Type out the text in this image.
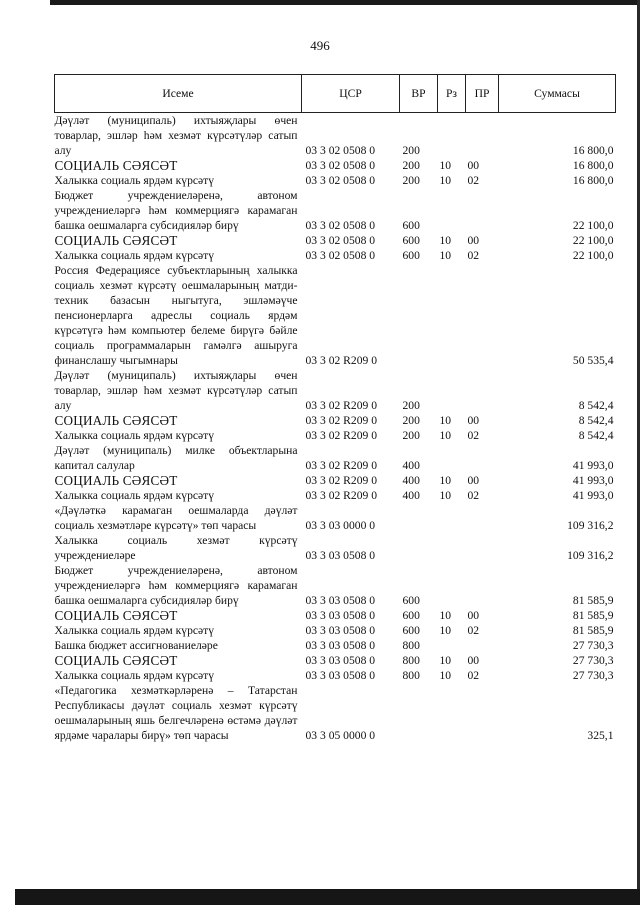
496
Исеме	ЦСР	ВР	Рз	ПР	Суммасы
Дәүләт (муниципаль) ихтыяҗлары өчен товарлар, эшләр һәм хезмәт күрсәтүләр сатып алу	03 3 02 0508 0	200			16 800,0
СОЦИАЛЬ СӘЯСӘТ	03 3 02 0508 0	200	10	00	16 800,0
Халыкка социаль ярдәм күрсәтү	03 3 02 0508 0	200	10	02	16 800,0
Бюджет учреждениеләренә, автоном учреждениеләргә һәм коммерциягә карамаган башка оешмаларга субсидияләр бирү	03 3 02 0508 0	600			22 100,0
СОЦИАЛЬ СӘЯСӘТ	03 3 02 0508 0	600	10	00	22 100,0
Халыкка социаль ярдәм күрсәтү	03 3 02 0508 0	600	10	02	22 100,0
Россия Федерациясе субъектларының халыкка социаль хезмәт күрсәтү оешмаларының матди-техник базасын ныгытуга, эшләмәүче пенсионерларга адреслы социаль ярдәм күрсәтүгә һәм компьютер белеме бирүгә бәйле социаль программаларын гамәлгә ашыруга финанслашу чыгымнары	03 3 02 R209 0				50 535,4
Дәүләт (муниципаль) ихтыяҗлары өчен товарлар, эшләр һәм хезмәт күрсәтүләр сатып алу	03 3 02 R209 0	200			8 542,4
СОЦИАЛЬ СӘЯСӘТ	03 3 02 R209 0	200	10	00	8 542,4
Халыкка социаль ярдәм күрсәтү	03 3 02 R209 0	200	10	02	8 542,4
Дәүләт (муниципаль) милке объектларына капитал салулар	03 3 02 R209 0	400			41 993,0
СОЦИАЛЬ СӘЯСӘТ	03 3 02 R209 0	400	10	00	41 993,0
Халыкка социаль ярдәм күрсәтү	03 3 02 R209 0	400	10	02	41 993,0
«Дәүләткә карамаган оешмаларда дәүләт социаль хезмәтләре күрсәтү» төп чарасы	03 3 03 0000 0				109 316,2
Халыкка социаль хезмәт күрсәтү учреждениеләре	03 3 03 0508 0				109 316,2
Бюджет учреждениеләренә, автоном учреждениеләргә һәм коммерциягә карамаган башка оешмаларга субсидияләр бирү	03 3 03 0508 0	600			81 585,9
СОЦИАЛЬ СӘЯСӘТ	03 3 03 0508 0	600	10	00	81 585,9
Халыкка социаль ярдәм күрсәтү	03 3 03 0508 0	600	10	02	81 585,9
Башка бюджет ассигнованиеләре	03 3 03 0508 0	800			27 730,3
СОЦИАЛЬ СӘЯСӘТ	03 3 03 0508 0	800	10	00	27 730,3
Халыкка социаль ярдәм күрсәтү	03 3 03 0508 0	800	10	02	27 730,3
«Педагогика хезмәткәрләренә – Татарстан Республикасы дәүләт социаль хезмәт күрсәтү оешмаларының яшь белгечләренә өстәмә дәүләт ярдәме чаралары бирү» төп чарасы	03 3 05 0000 0				325,1
